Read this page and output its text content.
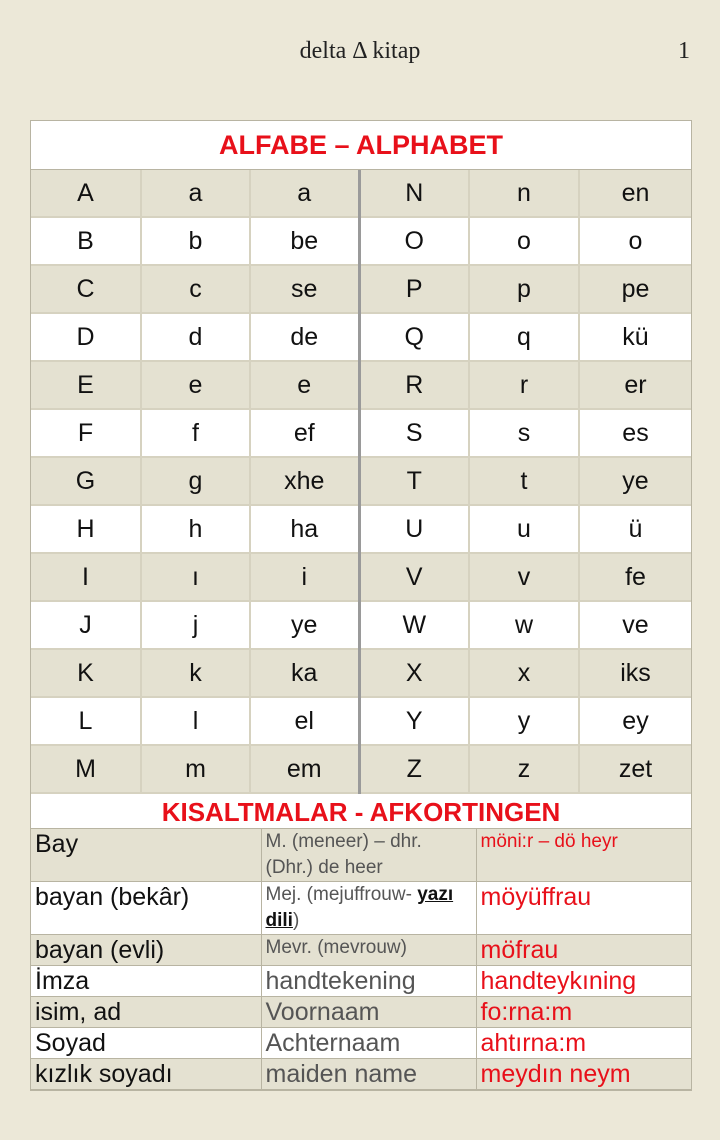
delta Δ kitap	1
ALFABE – ALPHABET
A	a	a	N	n	en
B	b	be	O	o	o
C	c	se	P	p	pe
D	d	de	Q	q	kü
E	e	e	R	r	er
F	f	ef	S	s	es
G	g	xhe	T	t	ye
H	h	ha	U	u	ü
I	ı	i	V	v	fe
J	j	ye	W	w	ve
K	k	ka	X	x	iks
L	l	el	Y	y	ey
M	m	em	Z	z	zet
KISALTMALAR - AFKORTINGEN
Bay	M. (meneer) – dhr. (Dhr.) de heer	möni:r – dö heyr
bayan (bekâr)	Mej. (mejuffrouw- yazı dili)	möyüffrau
bayan (evli)	Mevr. (mevrouw)	möfrau
İmza	handtekening	handteykıning
isim, ad	Voornaam	fo:rna:m
Soyad	Achternaam	ahtırna:m
kızlık soyadı	maiden name	meydın neym
